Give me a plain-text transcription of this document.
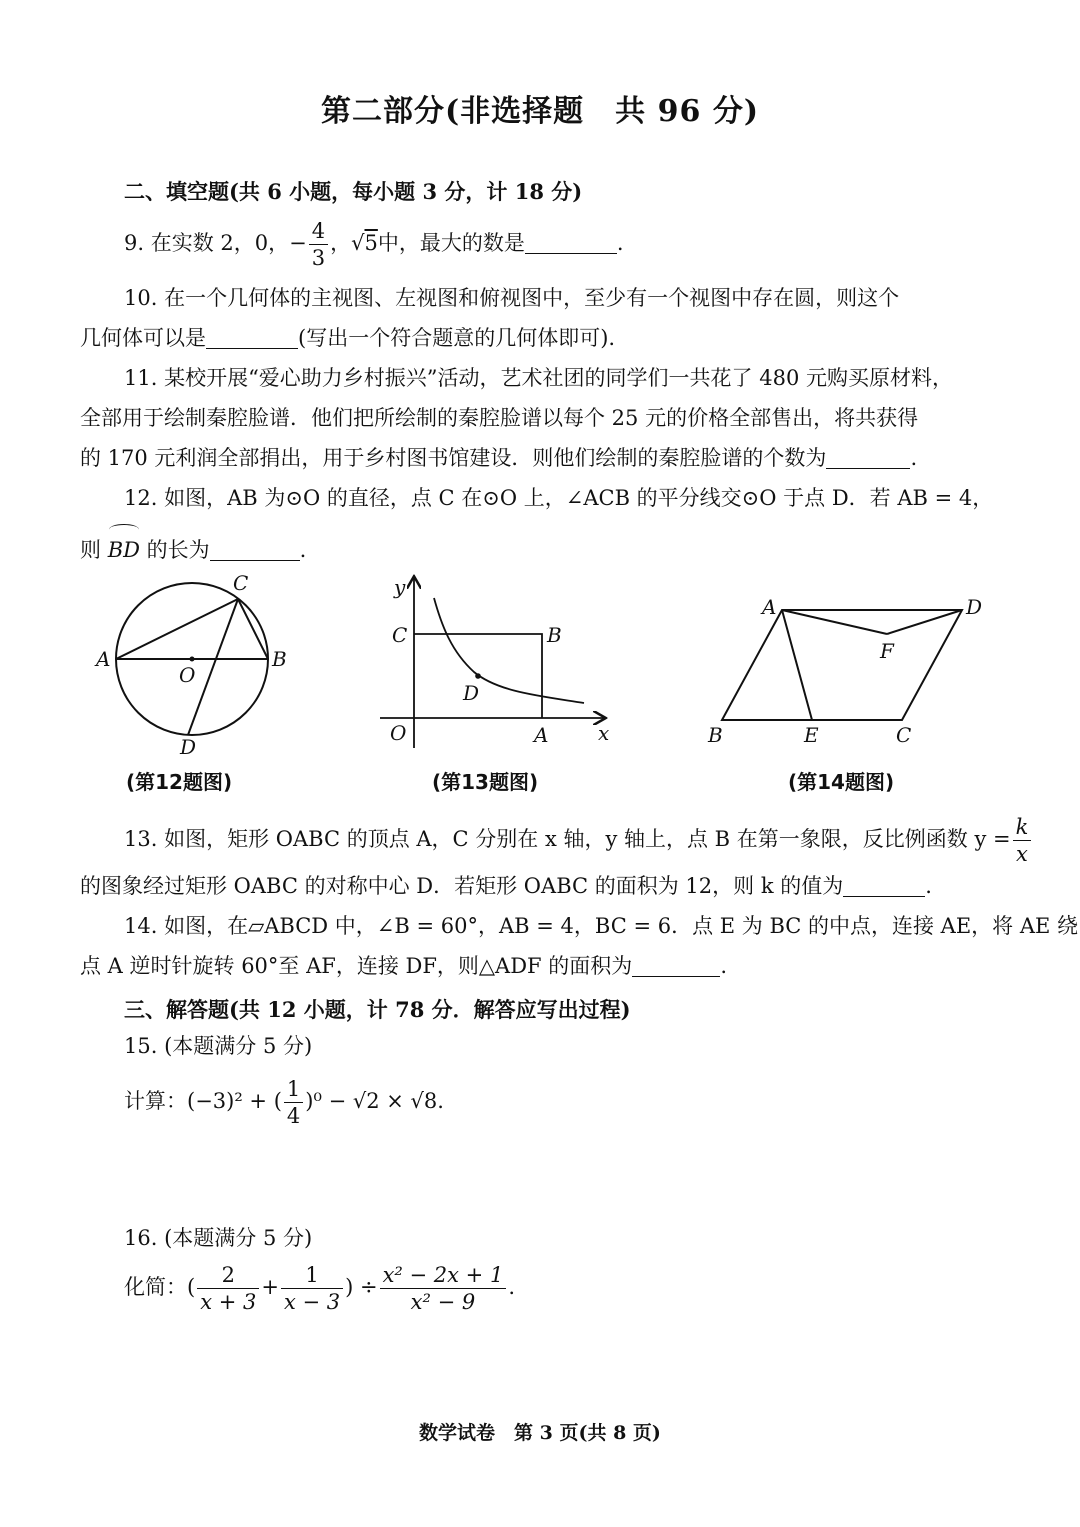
第二部分(非选择题　共 96 分)
二、填空题(共 6 小题，每小题 3 分，计 18 分)
9. 在实数 2，0，− $\frac{4}{3}$ ，√5中，最大的数是	.
10. 在一个几何体的主视图、左视图和俯视图中，至少有一个视图中存在圆，则这个
几何体可以是	(写出一个符合题意的几何体即可).
11. 某校开展“爱心助力乡村振兴”活动，艺术社团的同学们一共花了 480 元购买原材料，
全部用于绘制秦腔脸谱．他们把所绘制的秦腔脸谱以每个 25 元的价格全部售出，将共获得
的 170 元利润全部捐出，用于乡村图书馆建设．则他们绘制的秦腔脸谱的个数为	.
12. 如图，AB 为⊙O 的直径，点 C 在⊙O 上，∠ACB 的平分线交⊙O 于点 D．若 AB = 4，
则 BD 的长为	.
A	B
C
D
O
(第12题图)
y
x
C	B
D
O	A
(第13题图)
A	D
F
B	E	C
(第14题图)
13. 如图，矩形 OABC 的顶点 A，C 分别在 x 轴，y 轴上，点 B 在第一象限，反比例函数 $y = \frac{k}{x}$
的图象经过矩形 OABC 的对称中心 D．若矩形 OABC 的面积为 12，则 k 的值为	.
14. 如图，在▱ABCD 中，∠B = 60°，AB = 4，BC = 6．点 E 为 BC 的中点，连接 AE，将 AE 绕
点 A 逆时针旋转 60°至 AF，连接 DF，则△ADF 的面积为	.
三、解答题(共 12 小题，计 78 分．解答应写出过程)
15. (本题满分 5 分)
计算：(−3)² + ( $\frac{1}{4} )^0 - √2 \times √8$.
16. (本题满分 5 分)
化简：( $\frac{2}{x + 3} + \frac{1}{x - 3}$ ) ÷ $\frac{\text{x² − 2x + 1}}{\text{x² − 9}}$ .
数学试卷　第 3 页(共 8 页)
